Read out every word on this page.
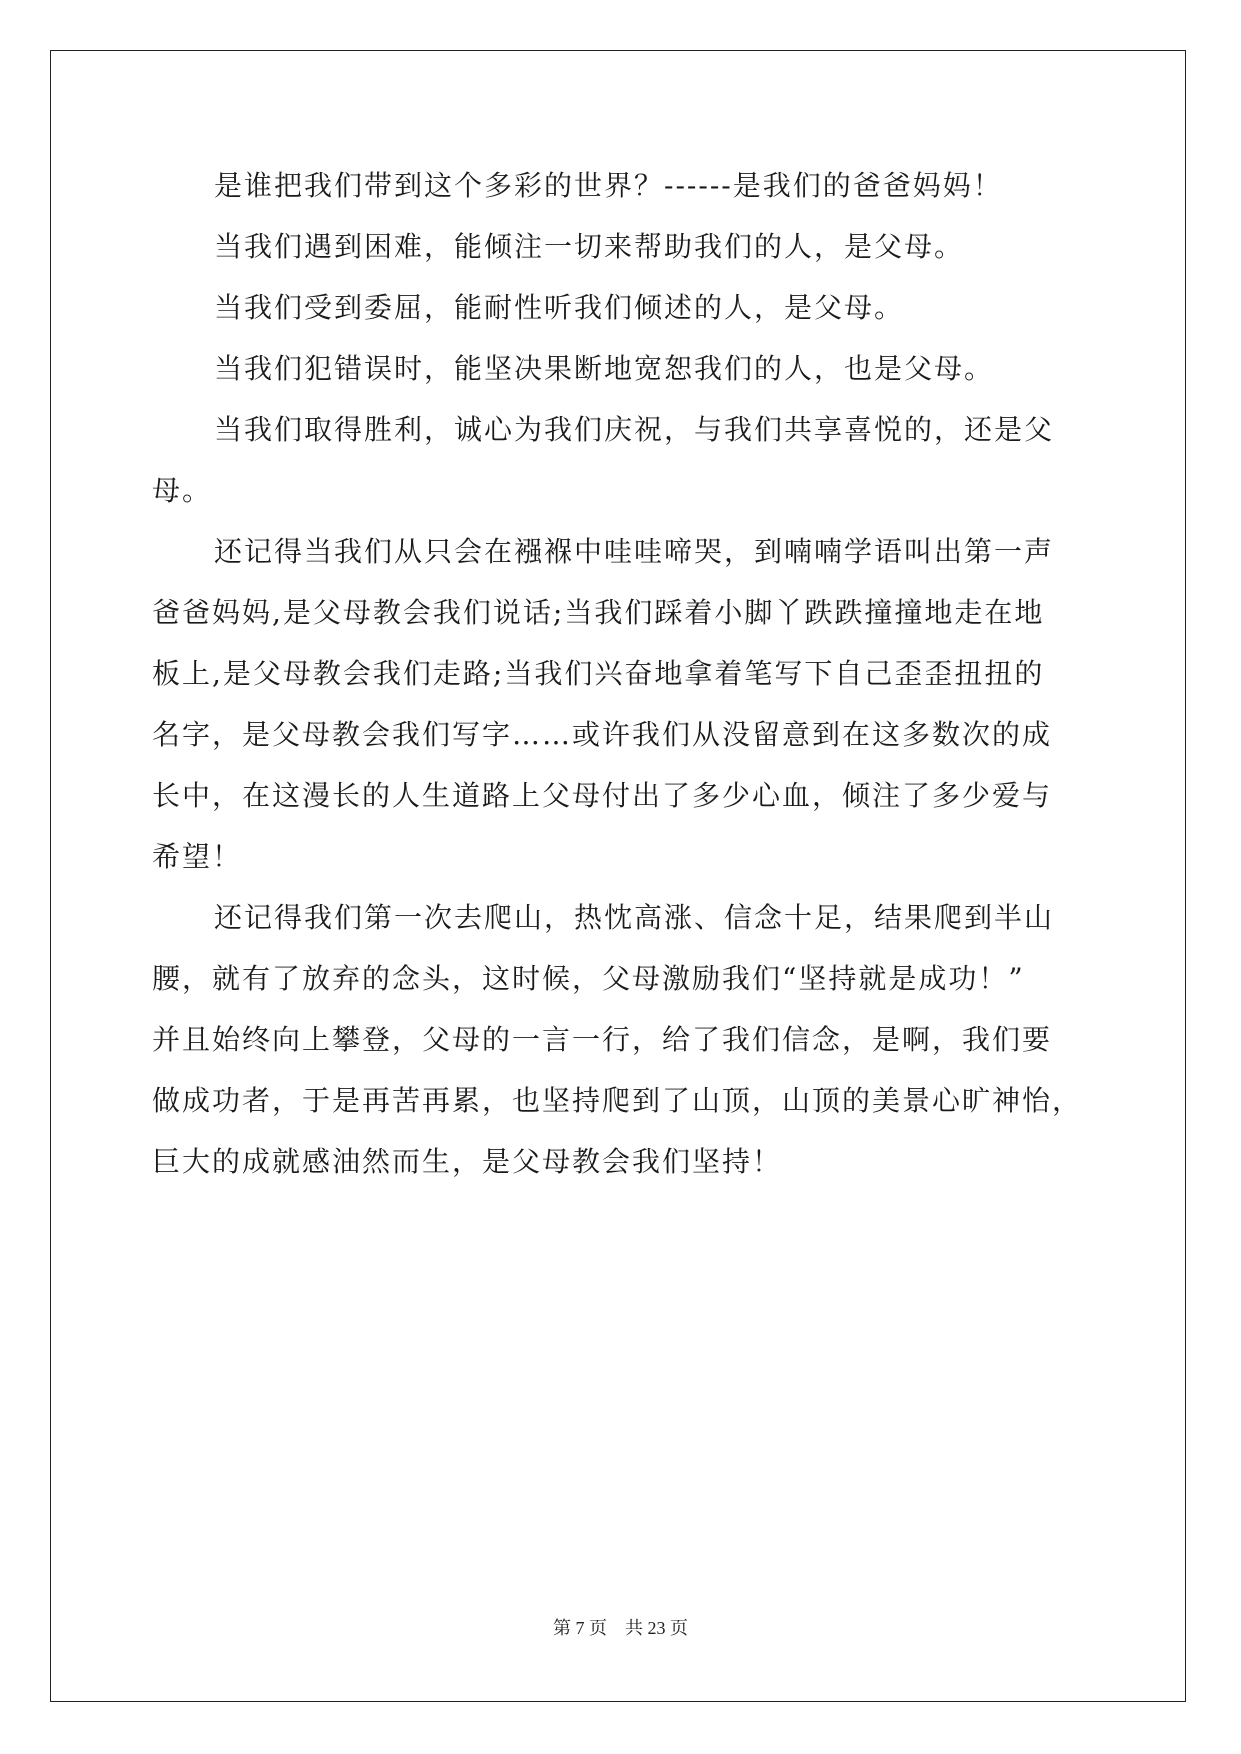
是谁把我们带到这个多彩的世界？------是我们的爸爸妈妈！
当我们遇到困难，能倾注一切来帮助我们的人，是父母。
当我们受到委屈，能耐性听我们倾述的人，是父母。
当我们犯错误时，能坚决果断地宽恕我们的人，也是父母。
当我们取得胜利，诚心为我们庆祝，与我们共享喜悦的，还是父
母。
还记得当我们从只会在襁褓中哇哇啼哭，到喃喃学语叫出第一声
爸爸妈妈,是父母教会我们说话;当我们踩着小脚丫跌跌撞撞地走在地
板上,是父母教会我们走路;当我们兴奋地拿着笔写下自己歪歪扭扭的
名字，是父母教会我们写字……或许我们从没留意到在这多数次的成
长中，在这漫长的人生道路上父母付出了多少心血，倾注了多少爱与
希望！
还记得我们第一次去爬山，热忱高涨、信念十足，结果爬到半山
腰，就有了放弃的念头，这时候，父母激励我们“坚持就是成功！”
并且始终向上攀登，父母的一言一行，给了我们信念，是啊，我们要
做成功者，于是再苦再累，也坚持爬到了山顶，山顶的美景心旷神怡，
巨大的成就感油然而生，是父母教会我们坚持！
第 7 页 共 23 页
